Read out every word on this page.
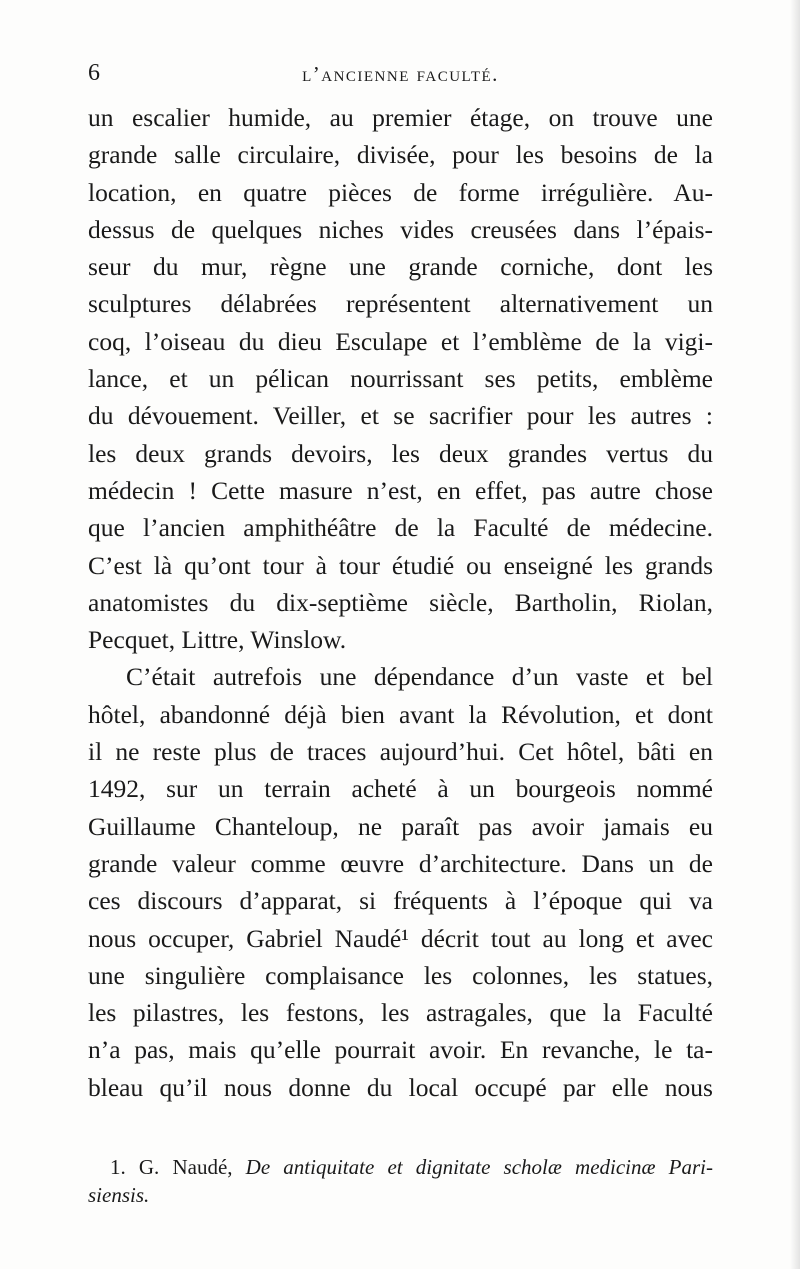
6	l’ancienne faculté.
un escalier humide, au premier étage, on trouve une
grande salle circulaire, divisée, pour les besoins de la
location, en quatre pièces de forme irrégulière. Au-
dessus de quelques niches vides creusées dans l’épais-
seur du mur, règne une grande corniche, dont les
sculptures délabrées représentent alternativement un
coq, l’oiseau du dieu Esculape et l’emblème de la vigi-
lance, et un pélican nourrissant ses petits, emblème
du dévouement. Veiller, et se sacrifier pour les autres :
les deux grands devoirs, les deux grandes vertus du
médecin ! Cette masure n’est, en effet, pas autre chose
que l’ancien amphithéâtre de la Faculté de médecine.
C’est là qu’ont tour à tour étudié ou enseigné les grands
anatomistes du dix-septième siècle, Bartholin, Riolan,
Pecquet, Littre, Winslow.
C’était autrefois une dépendance d’un vaste et bel
hôtel, abandonné déjà bien avant la Révolution, et dont
il ne reste plus de traces aujourd’hui. Cet hôtel, bâti en
1492, sur un terrain acheté à un bourgeois nommé
Guillaume Chanteloup, ne paraît pas avoir jamais eu
grande valeur comme œuvre d’architecture. Dans un de
ces discours d’apparat, si fréquents à l’époque qui va
nous occuper, Gabriel Naudé¹ décrit tout au long et avec
une singulière complaisance les colonnes, les statues,
les pilastres, les festons, les astragales, que la Faculté
n’a pas, mais qu’elle pourrait avoir. En revanche, le ta-
bleau qu’il nous donne du local occupé par elle nous
1. G. Naudé, De antiquitate et dignitate scholæ medicinæ Pari-
siensis.
